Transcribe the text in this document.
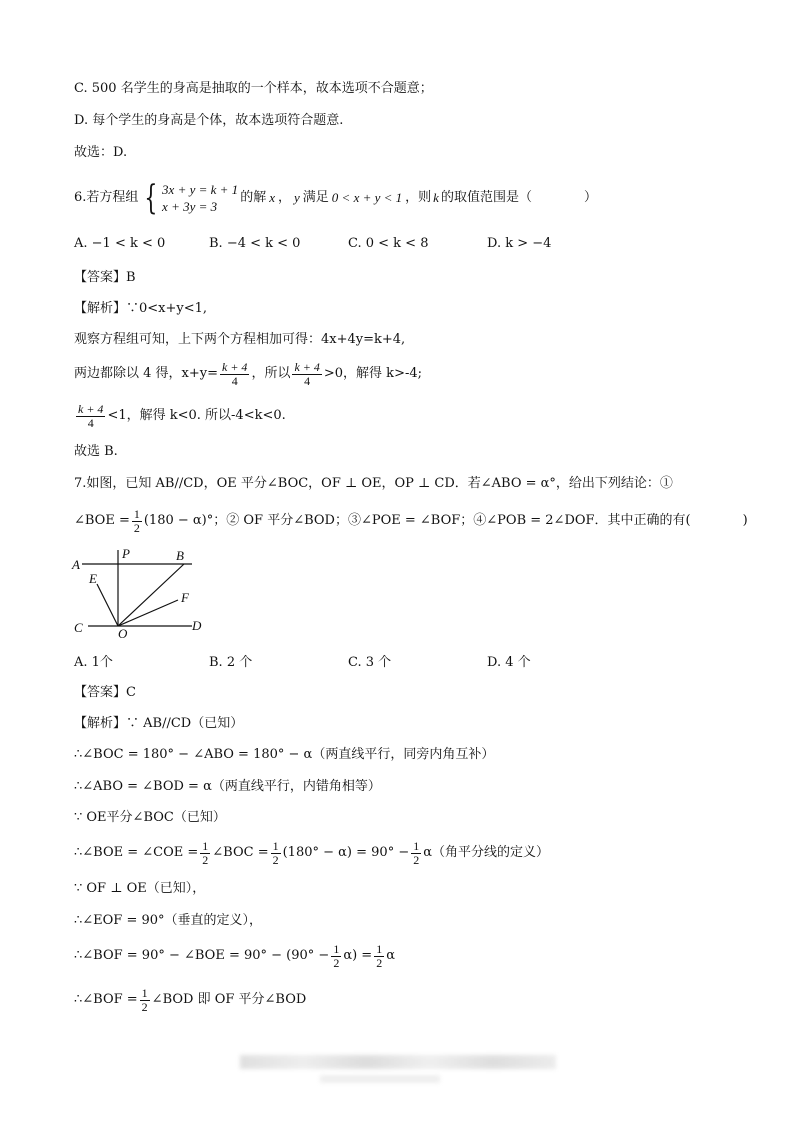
C. 500 名学生的身高是抽取的一个样本，故本选项不合题意；
D. 每个学生的身高是个体，故本选项符合题意.
故选：D.
6.若方程组 { 3x + y = k + 1
x + 3y = 3
的解 x ， y 满足 0 < x + y < 1 ，则 k 的取值范围是（　　　　）
A. −1 < k < 0	B. −4 < k < 0	C. 0 < k < 8	D. k > −4
【答案】B
【解析】∵0<x+y<1,
观察方程组可知，上下两个方程相加可得：4x+4y=k+4,
两边都除以 4 得，$x+y= \frac{k + 4}{4}$ ，所以 $\frac{k + 4}{4} >0$，解得 k>-4;
$\frac{k + 4}{4} <1$，解得 k<0. 所以-4<k<0.
故选 B.
7.如图，已知 AB//CD，OE 平分∠BOC，OF ⊥ OE，OP ⊥ CD．若∠ABO = α°，给出下列结论：①
∠BOE = $\frac{1}{2} (180 - \alpha)^\circ$；② OF 平分∠BOD；③∠POE = ∠BOF；④∠POB = 2∠DOF．其中正确的有(　　　　)
A
P	B
E
F
C	O
D
A. 1个	B. 2 个	C. 3 个	D. 4 个
【答案】C
【解析】∵ AB//CD（已知）
∴∠BOC = 180° − ∠ABO = 180° − α（两直线平行，同旁内角互补）
∴∠ABO = ∠BOD = α（两直线平行，内错角相等）
∵ OE平分∠BOC（已知）
∴∠BOE = ∠COE = $\frac{1}{2}$ ∠BOC = $\frac{1}{2} (180^\circ - \alpha) = 90^\circ - \frac{1}{2} \alpha$（角平分线的定义）
∵ OF ⊥ OE（已知），
∴∠EOF = 90°（垂直的定义），
∴∠BOF = 90° − ∠BOE = $90^\circ - (90^\circ - \frac{1}{2} \alpha) = \frac{1}{2}$ α
∴∠BOF = $\frac{1}{2}$ ∠BOD 即 OF 平分∠BOD
